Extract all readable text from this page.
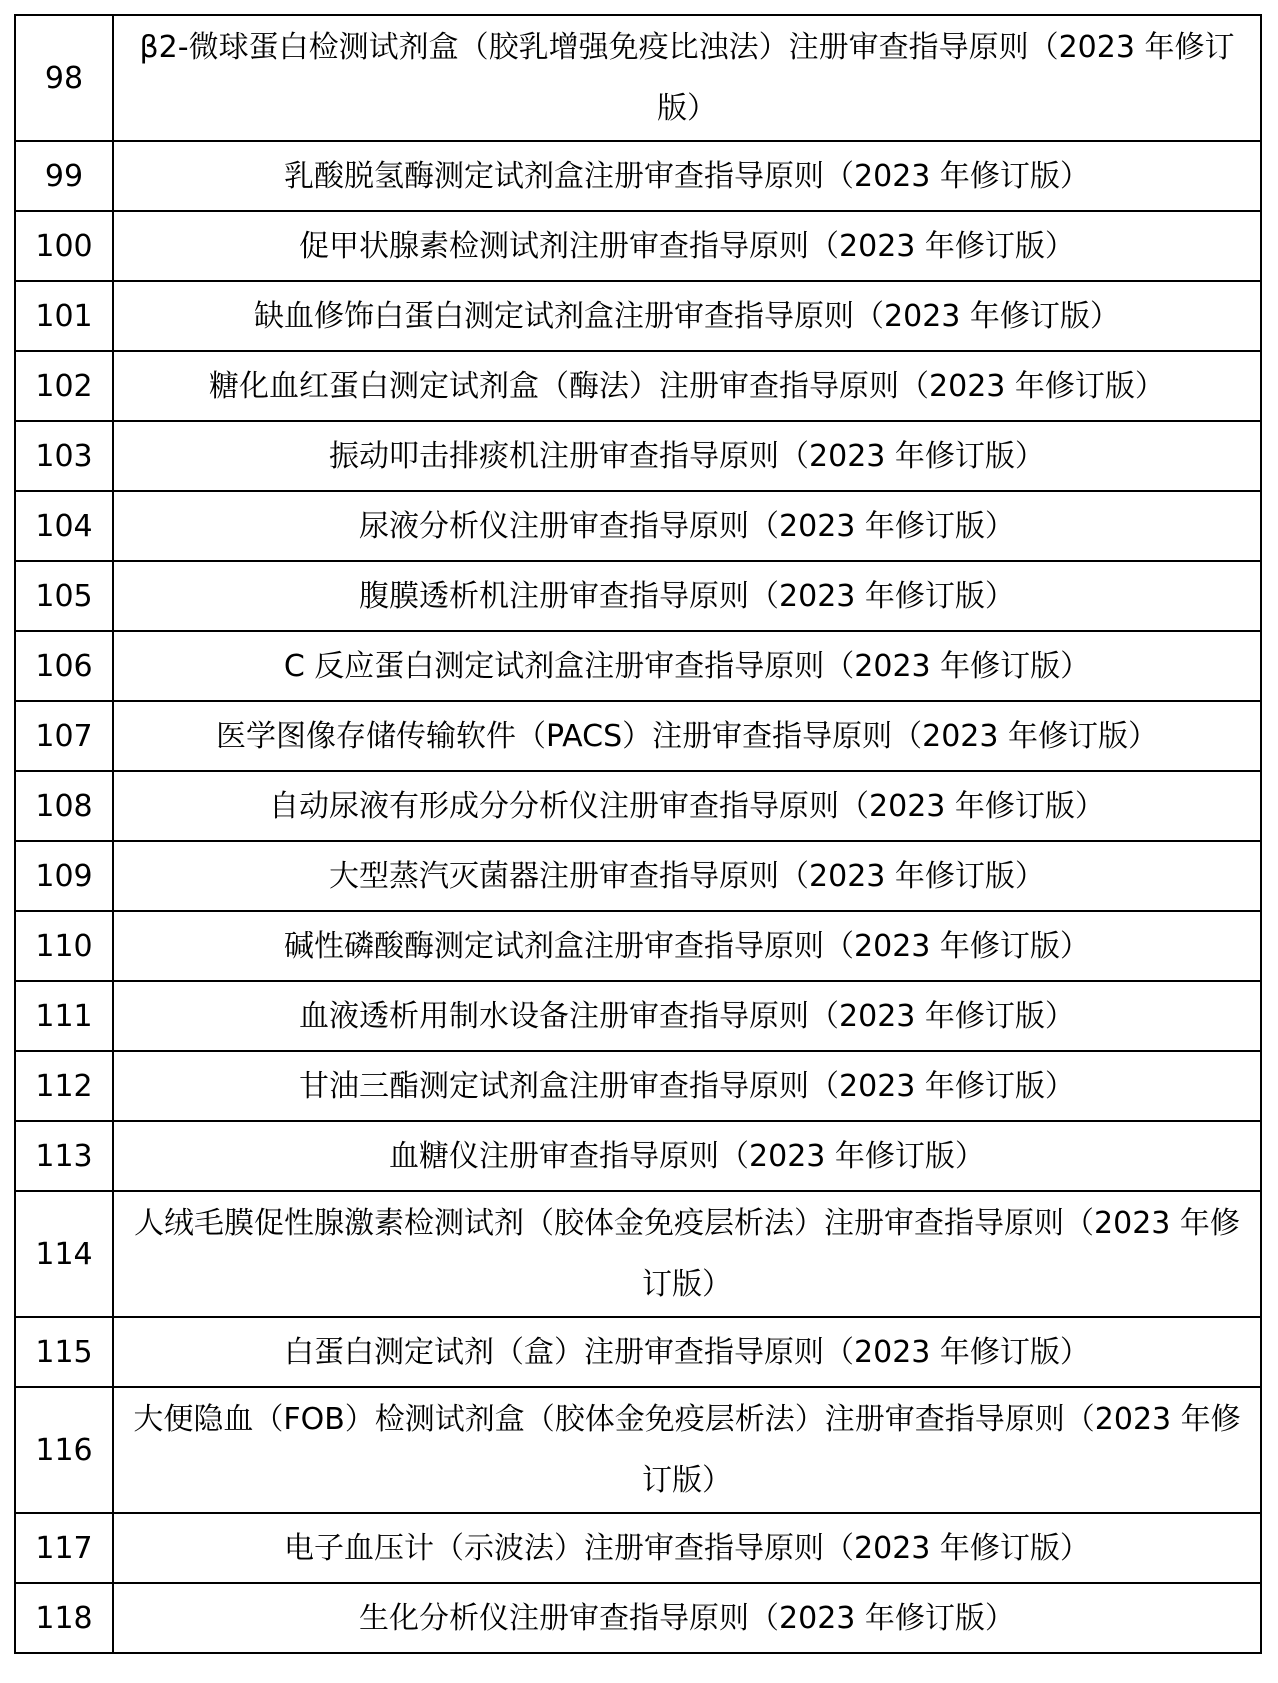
98	β2-微球蛋白检测试剂盒（胶乳增强免疫比浊法）注册审查指导原则（2023 年修订版）
99	乳酸脱氢酶测定试剂盒注册审查指导原则（2023 年修订版）
100	促甲状腺素检测试剂注册审查指导原则（2023 年修订版）
101	缺血修饰白蛋白测定试剂盒注册审查指导原则（2023 年修订版）
102	糖化血红蛋白测定试剂盒（酶法）注册审查指导原则（2023 年修订版）
103	振动叩击排痰机注册审查指导原则（2023 年修订版）
104	尿液分析仪注册审查指导原则（2023 年修订版）
105	腹膜透析机注册审查指导原则（2023 年修订版）
106	C 反应蛋白测定试剂盒注册审查指导原则（2023 年修订版）
107	医学图像存储传输软件（PACS）注册审查指导原则（2023 年修订版）
108	自动尿液有形成分分析仪注册审查指导原则（2023 年修订版）
109	大型蒸汽灭菌器注册审查指导原则（2023 年修订版）
110	碱性磷酸酶测定试剂盒注册审查指导原则（2023 年修订版）
111	血液透析用制水设备注册审查指导原则（2023 年修订版）
112	甘油三酯测定试剂盒注册审查指导原则（2023 年修订版）
113	血糖仪注册审查指导原则（2023 年修订版）
114	人绒毛膜促性腺激素检测试剂（胶体金免疫层析法）注册审查指导原则（2023 年修订版）
115	白蛋白测定试剂（盒）注册审查指导原则（2023 年修订版）
116	大便隐血（FOB）检测试剂盒（胶体金免疫层析法）注册审查指导原则（2023 年修订版）
117	电子血压计（示波法）注册审查指导原则（2023 年修订版）
118	生化分析仪注册审查指导原则（2023 年修订版）
